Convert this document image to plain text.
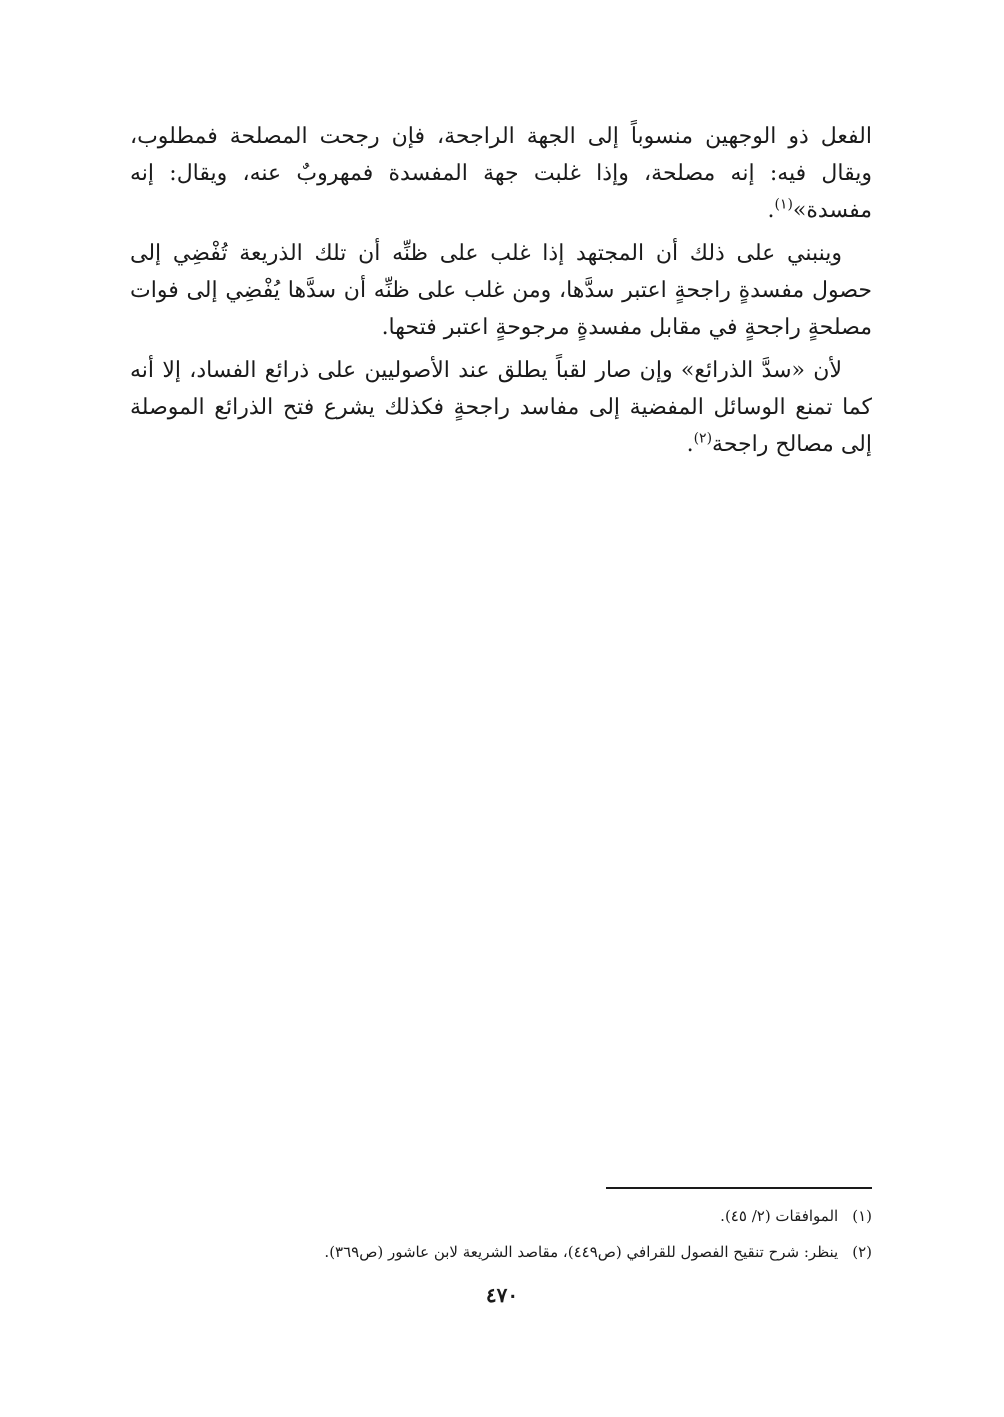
الفعل ذو الوجهين منسوباً إلى الجهة الراجحة، فإن رجحت المصلحة فمطلوب، ويقال فيه: إنه مصلحة، وإذا غلبت جهة المفسدة فمهروبٌ عنه، ويقال: إنه مفسدة»$^{(١)}$.

وينبني على ذلك أن المجتهد إذا غلب على ظنِّه أن تلك الذريعة تُفْضِي إلى حصول مفسدةٍ راجحةٍ اعتبر سدَّها، ومن غلب على ظنِّه أن سدَّها يُفْضِي إلى فوات مصلحةٍ راجحةٍ في مقابل مفسدةٍ مرجوحةٍ اعتبر فتحها.

لأن «سدَّ الذرائع» وإن صار لقباً يطلق عند الأصوليين على ذرائع الفساد، إلا أنه كما تمنع الوسائل المفضية إلى مفاسد راجحةٍ فكذلك يشرع فتح الذرائع الموصلة إلى مصالح راجحة$^{(٢)}$.

(١)الموافقات (٢/ ٤٥).
(٢)ينظر: شرح تنقيح الفصول للقرافي (ص٤٤٩)، مقاصد الشريعة لابن عاشور (ص٣٦٩).
٤٧٠
